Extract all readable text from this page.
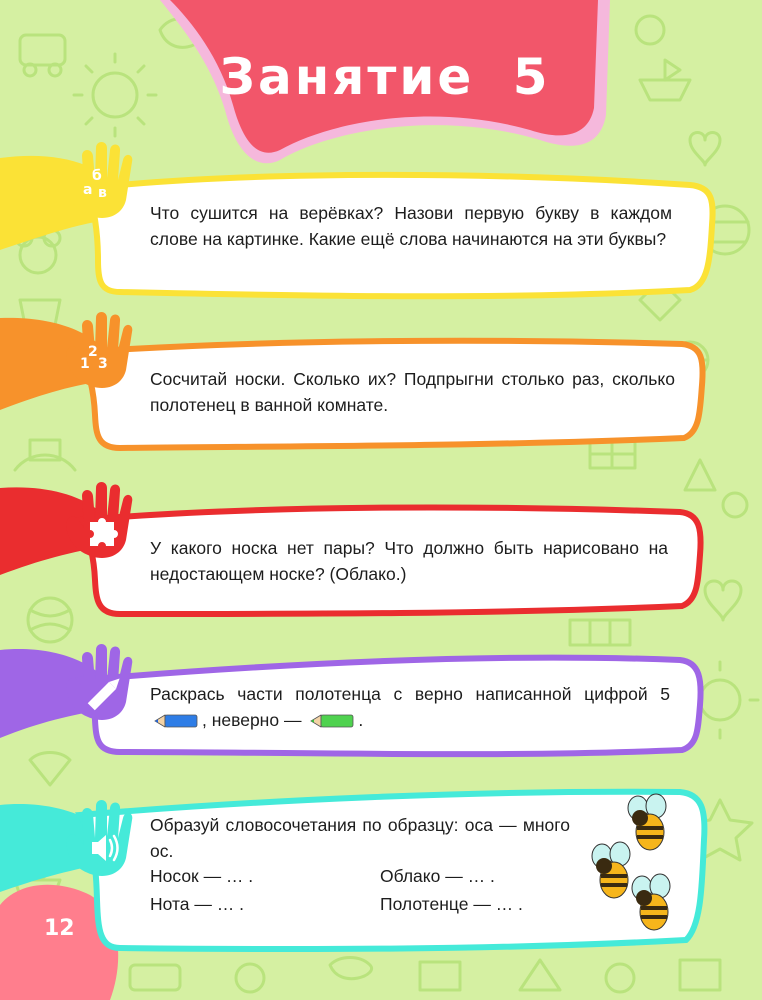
б
а в
1
2
3
Занятие 5

Что сушится на верёвках? Назови первую букву в каждом слове на картинке. Какие ещё слова начинаются на эти буквы?

Сосчитай носки. Сколько их? Подпрыгни столько раз, сколько полотенец в ванной комнате.

У какого носка нет пары? Что должно быть нарисовано на недостающем носке? (Облако.)

Раскрась части полотенца с верно написанной цифрой 5 , неверно —	.

Образуй словосочетания по образцу: оса — много ос.

Носок — … .	Облако — … .
Нота — … .	Полотенце — … .
12
